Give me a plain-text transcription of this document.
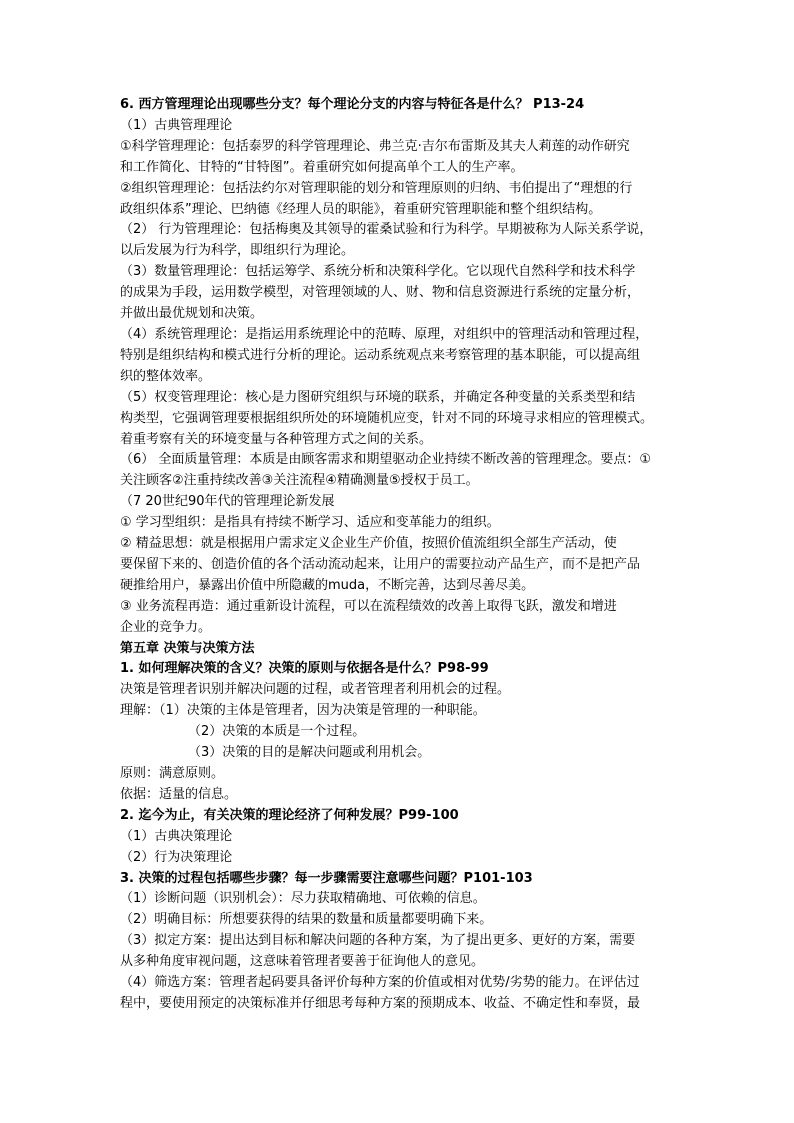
6. 西方管理理论出现哪些分支？每个理论分支的内容与特征各是什么？ P13-24
（1）古典管理理论
①科学管理理论：包括泰罗的科学管理理论、弗兰克·吉尔布雷斯及其夫人莉莲的动作研究
和工作简化、甘特的“甘特图”。着重研究如何提高单个工人的生产率。
②组织管理理论：包括法约尔对管理职能的划分和管理原则的归纳、韦伯提出了“理想的行
政组织体系”理论、巴纳德《经理人员的职能》，着重研究管理职能和整个组织结构。
（2） 行为管理理论：包括梅奥及其领导的霍桑试验和行为科学。早期被称为人际关系学说，
以后发展为行为科学，即组织行为理论。
（3）数量管理理论：包括运筹学、系统分析和决策科学化。它以现代自然科学和技术科学
的成果为手段，运用数学模型，对管理领域的人、财、物和信息资源进行系统的定量分析，
并做出最优规划和决策。
（4）系统管理理论：是指运用系统理论中的范畴、原理，对组织中的管理活动和管理过程，
特别是组织结构和模式进行分析的理论。运动系统观点来考察管理的基本职能，可以提高组
织的整体效率。
（5）权变管理理论：核心是力图研究组织与环境的联系，并确定各种变量的关系类型和结
构类型，它强调管理要根据组织所处的环境随机应变，针对不同的环境寻求相应的管理模式。
着重考察有关的环境变量与各种管理方式之间的关系。
（6） 全面质量管理：本质是由顾客需求和期望驱动企业持续不断改善的管理理念。要点：①
关注顾客②注重持续改善③关注流程④精确测量⑤授权于员工。
（7 20世纪90年代的管理理论新发展
① 学习型组织：是指具有持续不断学习、适应和变革能力的组织。
② 精益思想：就是根据用户需求定义企业生产价值，按照价值流组织全部生产活动，使
要保留下来的、创造价值的各个活动流动起来，让用户的需要拉动产品生产，而不是把产品
硬推给用户，暴露出价值中所隐藏的muda，不断完善，达到尽善尽美。
③ 业务流程再造：通过重新设计流程，可以在流程绩效的改善上取得飞跃，激发和增进
企业的竞争力。
第五章 决策与决策方法
1. 如何理解决策的含义？决策的原则与依据各是什么？P98-99
决策是管理者识别并解决问题的过程，或者管理者利用机会的过程。
理解：（1）决策的主体是管理者，因为决策是管理的一种职能。
（2）决策的本质是一个过程。
（3）决策的目的是解决问题或利用机会。
原则：满意原则。
依据：适量的信息。
2. 迄今为止，有关决策的理论经济了何种发展？P99-100
（1）古典决策理论
（2）行为决策理论
3. 决策的过程包括哪些步骤？每一步骤需要注意哪些问题？P101-103
（1）诊断问题（识别机会）：尽力获取精确地、可依赖的信息。
（2）明确目标：所想要获得的结果的数量和质量都要明确下来。
（3）拟定方案：提出达到目标和解决问题的各种方案，为了提出更多、更好的方案，需要
从多种角度审视问题，这意味着管理者要善于征询他人的意见。
（4）筛选方案：管理者起码要具备评价每种方案的价值或相对优势/劣势的能力。在评估过
程中，要使用预定的决策标准并仔细思考每种方案的预期成本、收益、不确定性和奉贤，最
